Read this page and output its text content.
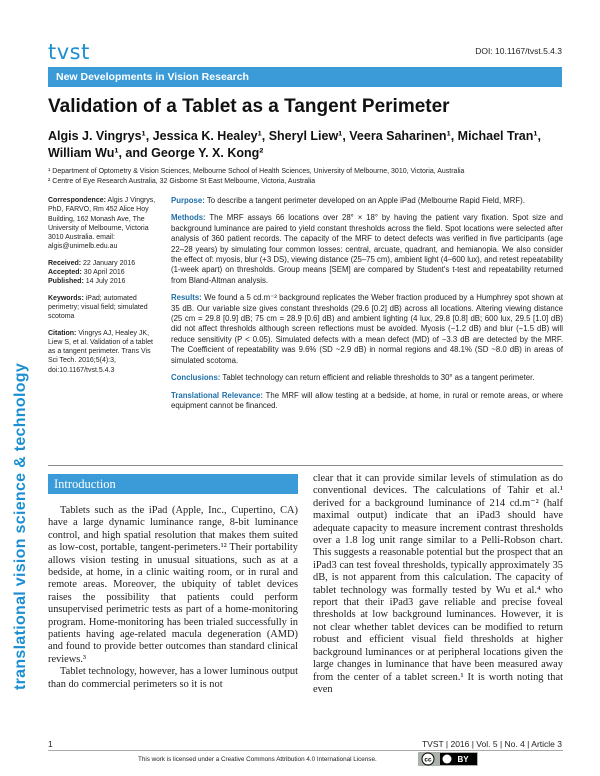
tvst	DOI: 10.1167/tvst.5.4.3
New Developments in Vision Research
Validation of a Tablet as a Tangent Perimeter
Algis J. Vingrys¹, Jessica K. Healey¹, Sheryl Liew¹, Veera Saharinen¹, Michael Tran¹,
William Wu¹, and George Y. X. Kong²
¹ Department of Optometry & Vision Sciences, Melbourne School of Health Sciences, University of Melbourne, 3010, Victoria, Australia
² Centre of Eye Research Australia, 32 Gisborne St East Melbourne, Victoria, Australia

Correspondence: Algis J Vingrys, PhD, FARVO, Rm 452 Alice Hoy Building, 162 Monash Ave, The University of Melbourne, Victoria 3010 Australia. email: algis@unimelb.edu.au

Received: 22 January 2016
Accepted: 30 April 2016
Published: 14 July 2016

Keywords: iPad; automated perimetry; visual field; simulated scotoma

Citation: Vingrys AJ, Healey JK, Liew S, et al. Validation of a tablet as a tangent perimeter. Trans Vis Sci Tech. 2016;5(4):3, doi:10.1167/tvst.5.4.3

Purpose: To describe a tangent perimeter developed on an Apple iPad (Melbourne Rapid Field, MRF).

Methods: The MRF assays 66 locations over 28° × 18° by having the patient vary fixation. Spot size and background luminance are paired to yield constant thresholds across the field. Spot locations were selected after analysis of 360 patient records. The capacity of the MRF to detect defects was verified in five participants (age 22–28 years) by simulating four common losses: central, arcuate, quadrant, and hemianopia. We also consider the effect of: myosis, blur (+3 DS), viewing distance (25–75 cm), ambient light (4–600 lux), and retest repeatability (1-week apart) on thresholds. Group means [SEM] are compared by Student's t-test and repeatability returned from Bland-Altman analysis.

Results: We found a 5 cd.m⁻² background replicates the Weber fraction produced by a Humphrey spot shown at 35 dB. Our variable size gives constant thresholds (29.6 [0.2] dB) across all locations. Altering viewing distance (25 cm = 29.8 [0.9] dB; 75 cm = 28.9 [0.6] dB) and ambient lighting (4 lux, 29.8 [0.8] dB; 600 lux, 29.5 [1.0] dB) did not affect thresholds although screen reflections must be avoided. Myosis (−1.2 dB) and blur (−1.5 dB) will reduce sensitivity (P < 0.05). Simulated defects with a mean defect (MD) of −3.3 dB are detected by the MRF. The Coefficient of repeatability was 9.6% (SD ~2.9 dB) in normal regions and 48.1% (SD ~8.0 dB) in areas of simulated scotoma.

Conclusions: Tablet technology can return efficient and reliable thresholds to 30° as a tangent perimeter.

Translational Relevance: The MRF will allow testing at a bedside, at home, in rural or remote areas, or where equipment cannot be financed.

translational vision science & technology Introduction

Tablets such as the iPad (Apple, Inc., Cupertino, CA) have a large dynamic luminance range, 8-bit luminance control, and high spatial resolution that makes them suited as low-cost, portable, tangent-perimeters.¹² Their portability allows vision testing in unusual situations, such as at a bedside, at home, in a clinic waiting room, or in rural and remote areas. Moreover, the ubiquity of tablet devices raises the possibility that patients could perform unsupervised perimetric tests as part of a home-monitoring program. Home-monitoring has been trialed successfully in patients having age-related macula degeneration (AMD) and found to provide better outcomes than standard clinical reviews.³

Tablet technology, however, has a lower luminous output than do commercial perimeters so it is not

clear that it can provide similar levels of stimulation as do conventional devices. The calculations of Tahir et al.¹ derived for a background luminance of 214 cd.m⁻² (half maximal output) indicate that an iPad3 should have adequate capacity to measure increment contrast thresholds over a 1.8 log unit range similar to a Pelli-Robson chart. This suggests a reasonable potential but the prospect that an iPad3 can test foveal thresholds, typically approximately 35 dB, is not apparent from this calculation. The capacity of tablet technology was formally tested by Wu et al.⁴ who report that their iPad3 gave reliable and precise foveal thresholds at low background luminances. However, it is not clear whether tablet devices can be modified to return robust and efficient visual field thresholds at higher background luminances or at peripheral locations given the large changes in luminance that have been measured away from the center of a tablet screen.¹ It is worth noting that even

1	TVST | 2016 | Vol. 5 | No. 4 | Article 3
This work is licensed under a Creative Commons Attribution 4.0 International License.	cc	BY
